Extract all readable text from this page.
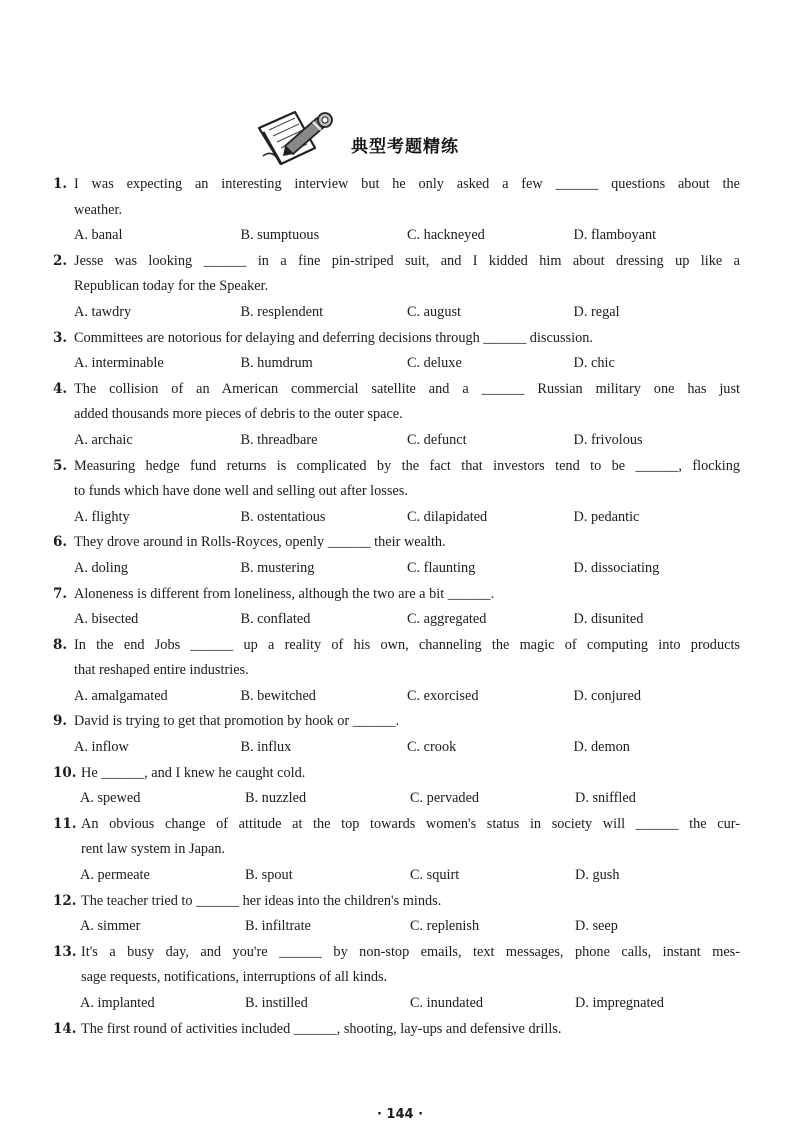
典型考题精练
1. I was expecting an interesting interview but he only asked a few ______ questions about the
weather.
A. banal	B. sumptuous	C. hackneyed	D. flamboyant
2. Jesse was looking ______ in a fine pin-striped suit, and I kidded him about dressing up like a
Republican today for the Speaker.
A. tawdry	B. resplendent	C. august	D. regal
3. Committees are notorious for delaying and deferring decisions through ______ discussion.
A. interminable	B. humdrum	C. deluxe	D. chic
4. The collision of an American commercial satellite and a ______ Russian military one has just
added thousands more pieces of debris to the outer space.
A. archaic	B. threadbare	C. defunct	D. frivolous
5. Measuring hedge fund returns is complicated by the fact that investors tend to be ______, flocking
to funds which have done well and selling out after losses.
A. flighty	B. ostentatious	C. dilapidated	D. pedantic
6. They drove around in Rolls-Royces, openly ______ their wealth.
A. doling	B. mustering	C. flaunting	D. dissociating
7. Aloneness is different from loneliness, although the two are a bit ______.
A. bisected	B. conflated	C. aggregated	D. disunited
8. In the end Jobs ______ up a reality of his own, channeling the magic of computing into products
that reshaped entire industries.
A. amalgamated	B. bewitched	C. exorcised	D. conjured
9. David is trying to get that promotion by hook or ______.
A. inflow	B. influx	C. crook	D. demon
10. He ______, and I knew he caught cold.
A. spewed	B. nuzzled	C. pervaded	D. sniffled
11. An obvious change of attitude at the top towards women's status in society will ______ the cur-
rent law system in Japan.
A. permeate	B. spout	C. squirt	D. gush
12. The teacher tried to ______ her ideas into the children's minds.
A. simmer	B. infiltrate	C. replenish	D. seep
13. It's a busy day, and you're ______ by non-stop emails, text messages, phone calls, instant mes-
sage requests, notifications, interruptions of all kinds.
A. implanted	B. instilled	C. inundated	D. impregnated
14. The first round of activities included ______, shooting, lay-ups and defensive drills.
· 144 ·
